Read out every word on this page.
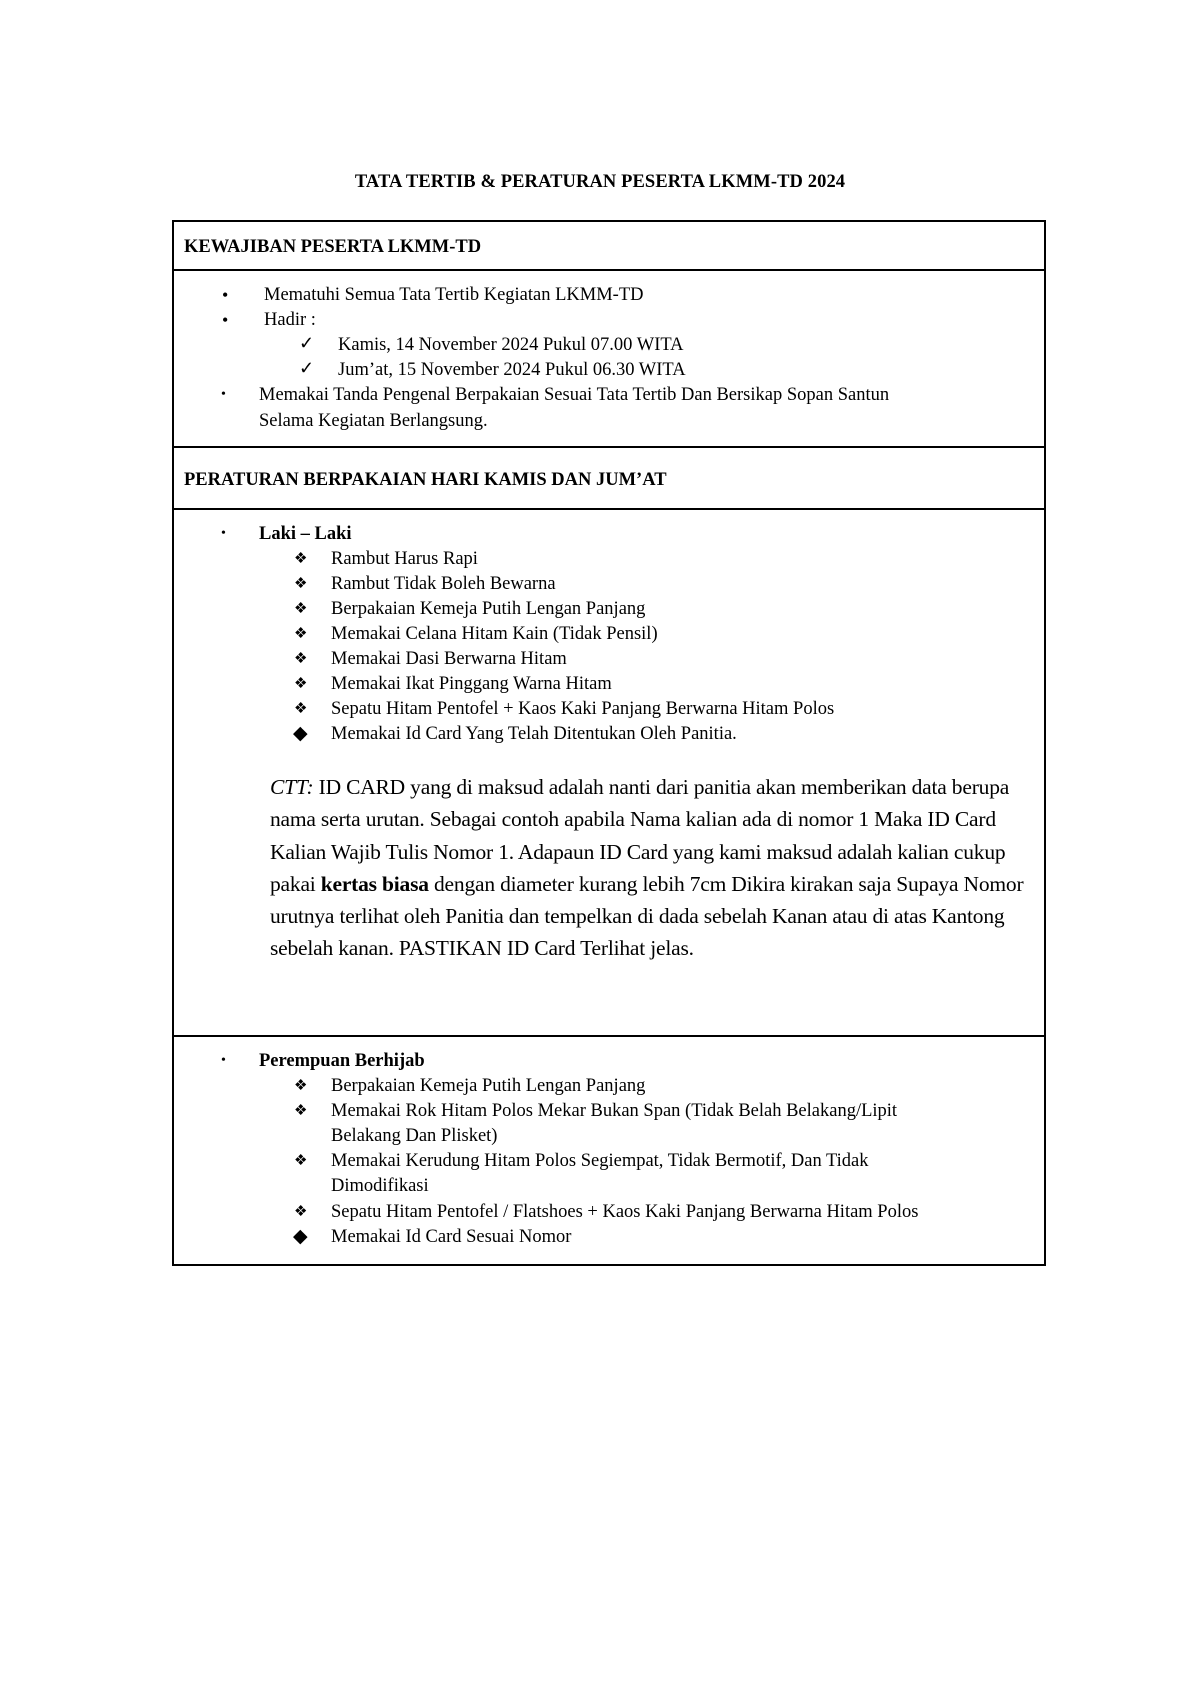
TATA TERTIB & PERATURAN PESERTA LKMM-TD 2024
KEWAJIBAN PESERTA LKMM-TD
• Mematuhi Semua Tata Tertib Kegiatan LKMM-TD
• Hadir :
✓ Kamis, 14 November 2024 Pukul 07.00 WITA
✓ Jum’at, 15 November 2024 Pukul 06.30 WITA
• Memakai Tanda Pengenal Berpakaian Sesuai Tata Tertib Dan Bersikap Sopan Santun
Selama Kegiatan Berlangsung.
PERATURAN BERPAKAIAN HARI KAMIS DAN JUM’AT
• Laki – Laki
❖ Rambut Harus Rapi
❖ Rambut Tidak Boleh Bewarna
❖ Berpakaian Kemeja Putih Lengan Panjang
❖ Memakai Celana Hitam Kain (Tidak Pensil)
❖ Memakai Dasi Berwarna Hitam
❖ Memakai Ikat Pinggang Warna Hitam
❖ Sepatu Hitam Pentofel + Kaos Kaki Panjang Berwarna Hitam Polos
◆ Memakai Id Card Yang Telah Ditentukan Oleh Panitia.
CTT: ID CARD yang di maksud adalah nanti dari panitia akan memberikan data berupa nama serta urutan. Sebagai contoh apabila Nama kalian ada di nomor 1 Maka ID Card Kalian Wajib Tulis Nomor 1. Adapaun ID Card yang kami maksud adalah kalian cukup pakai kertas biasa dengan diameter kurang lebih 7cm Dikira kirakan saja Supaya Nomor urutnya terlihat oleh Panitia dan tempelkan di dada sebelah Kanan atau di atas Kantong sebelah kanan. PASTIKAN ID Card Terlihat jelas.
• Perempuan Berhijab
❖ Berpakaian Kemeja Putih Lengan Panjang
❖ Memakai Rok Hitam Polos Mekar Bukan Span (Tidak Belah Belakang/Lipit
Belakang Dan Plisket)
❖ Memakai Kerudung Hitam Polos Segiempat, Tidak Bermotif, Dan Tidak
Dimodifikasi
❖ Sepatu Hitam Pentofel / Flatshoes + Kaos Kaki Panjang Berwarna Hitam Polos
◆ Memakai Id Card Sesuai Nomor
